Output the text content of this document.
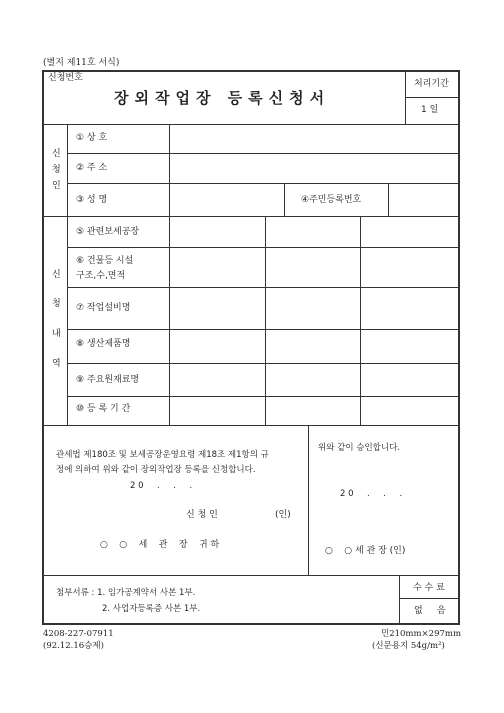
(별지 제11호 서식)
신청번호
장외작업장 등록신청서
처리기간
1 일
신
청
인
① 상 호
② 주 소
③ 성 명	④주민등록번호
신
청
내
역
⑤ 관련보세공장
⑥ 건물등 시설
구조,수,면적
⑦ 작업설비명
⑧ 생산제품명
⑨ 주요원재료명
⑩ 등 록 기 간
관세법 제180조 및 보세공장운영요령 제18조 제1항의 규
정에 의하여 위와 같이 장외작업장 등록을 신청합니다.
2 0     .     .     .
신 청 인	(인)
○    ○    세    관    장    귀 하
위와 같이 승인합니다.
2 0     .     .     .
○    ○ 세 관 장 (인)
첨부서류 : 1. 임가공계약서 사본 1부.
2. 사업자등록증 사본 1부.
수 수 료
없     음
4208-227-07911
(92.12.16승제)
민210mm×297mm
(신문용지 54g/m²)
